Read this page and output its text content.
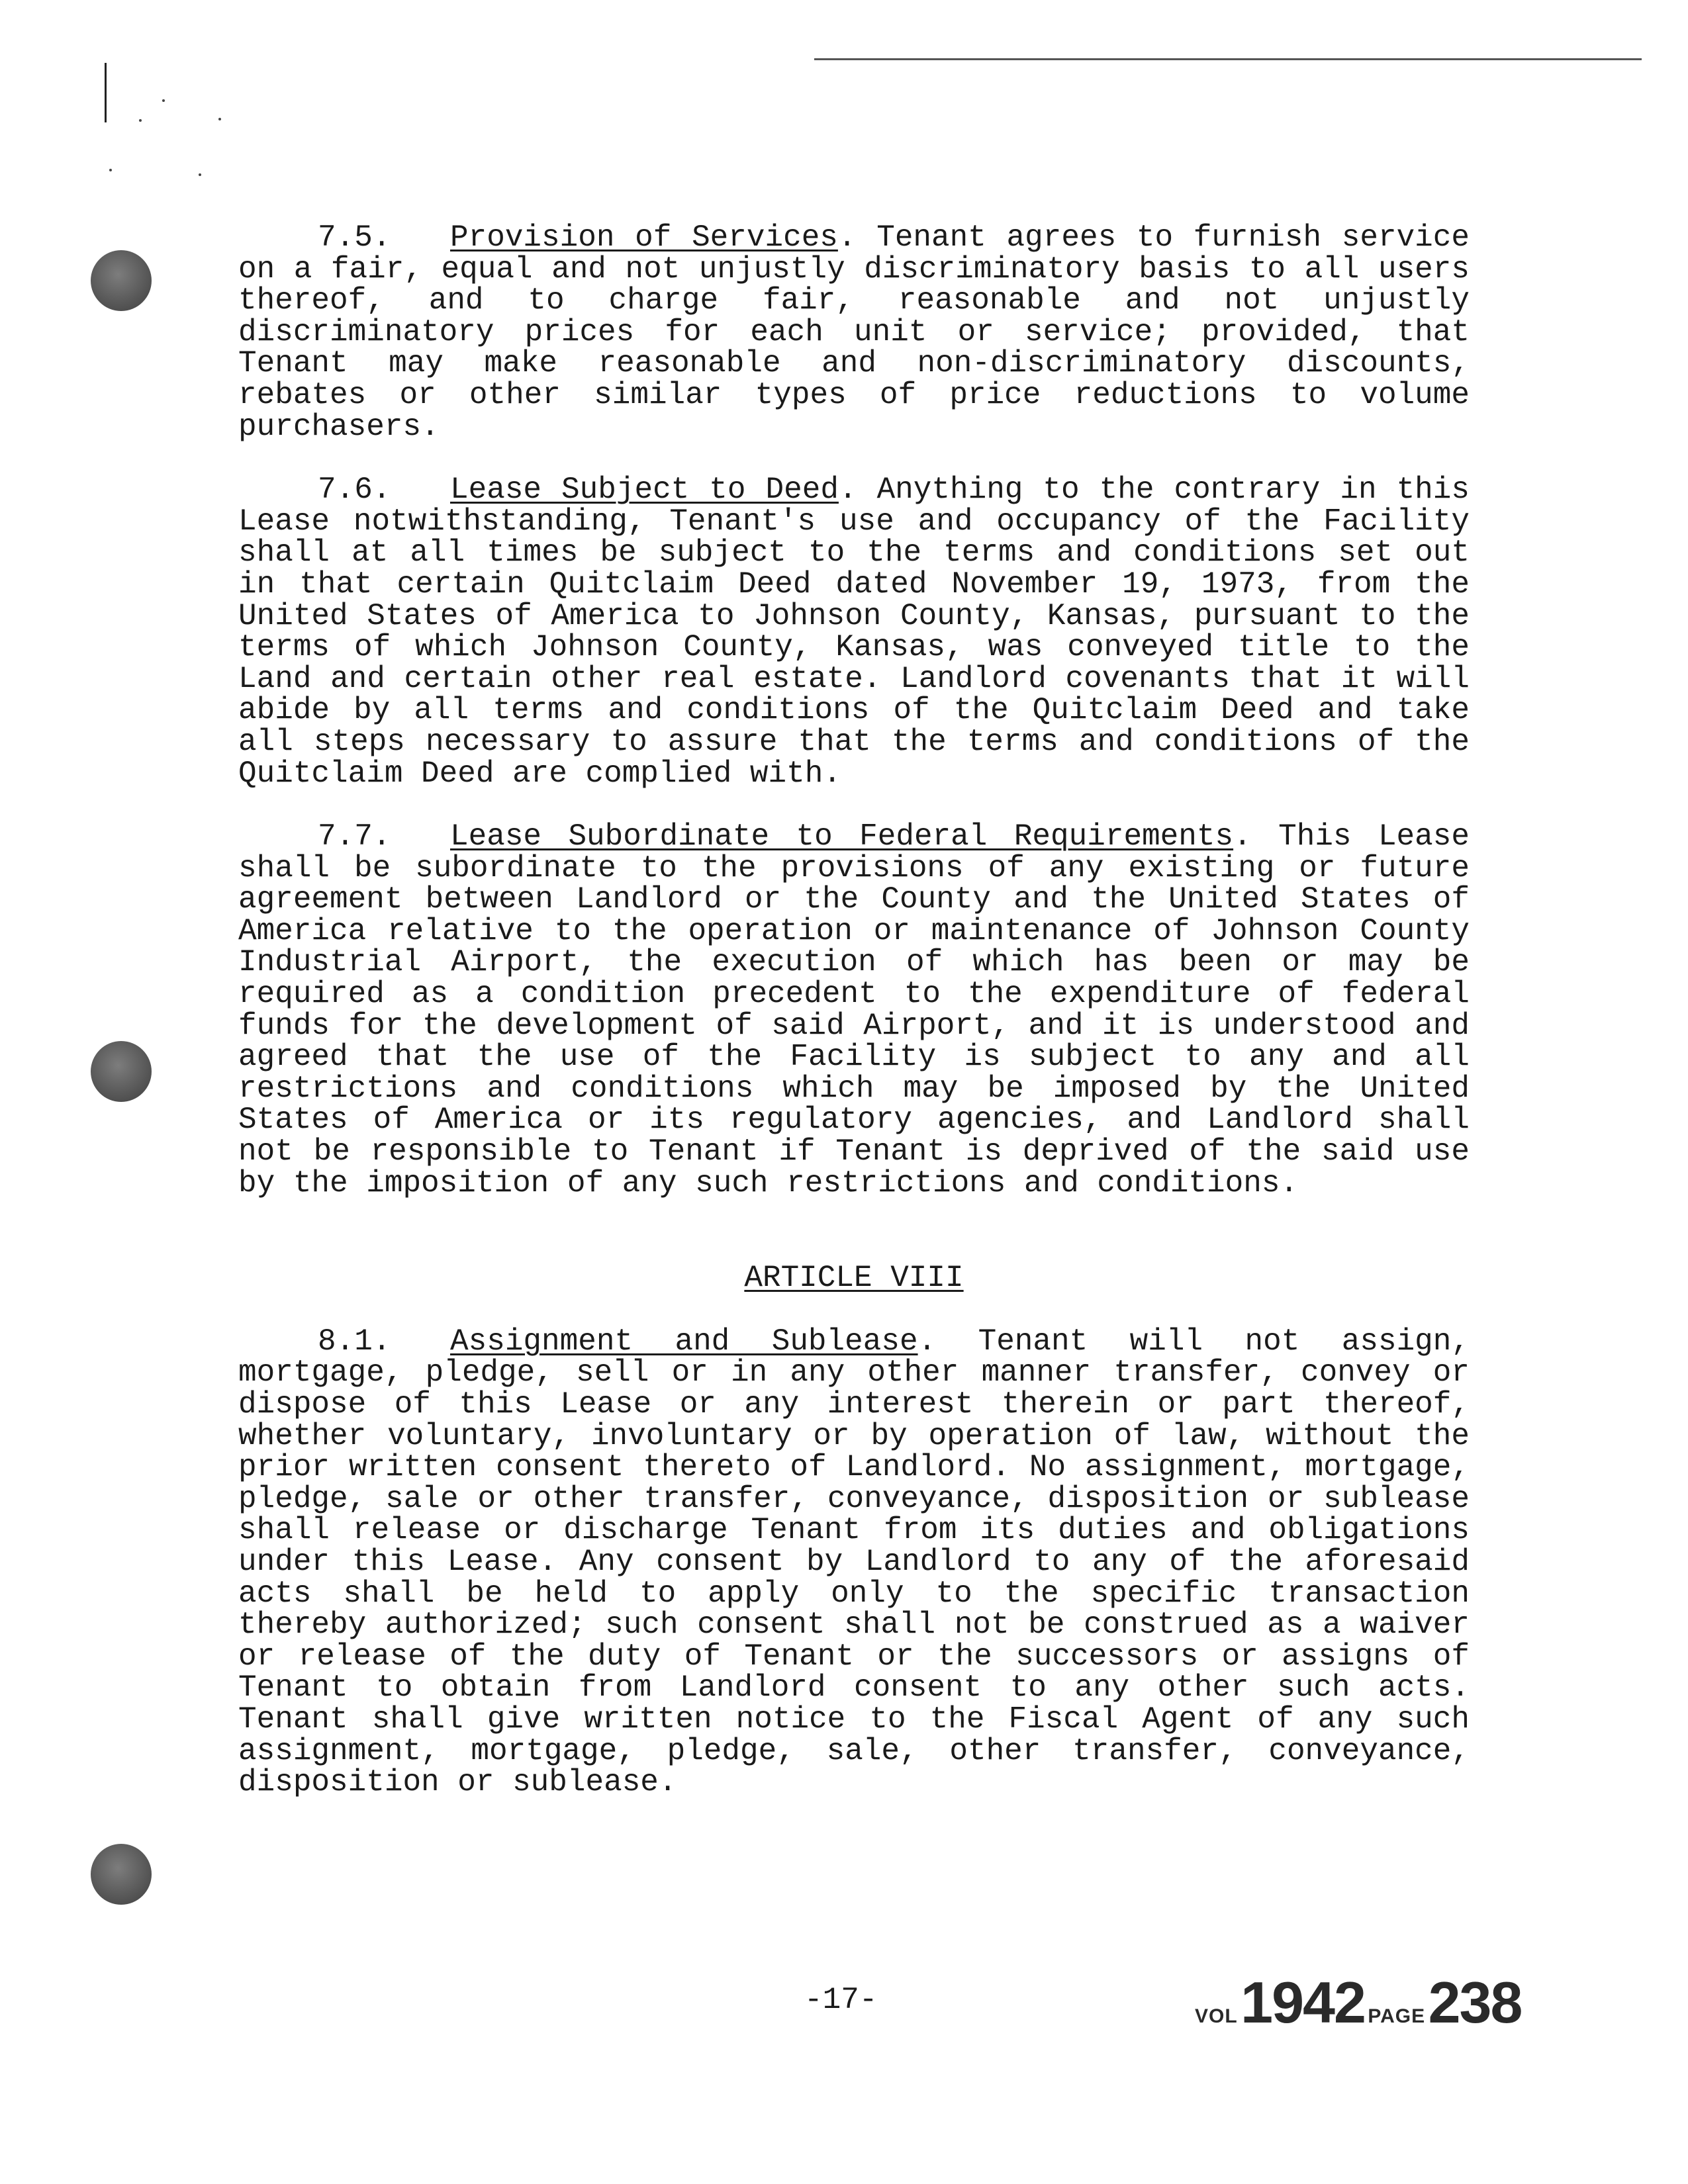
7.5. Provision of Services. Tenant agrees to furnish service on a fair, equal and not unjustly discriminatory basis to all users thereof, and to charge fair, reasonable and not unjustly discriminatory prices for each unit or service; provided, that Tenant may make reasonable and non-discriminatory discounts, rebates or other similar types of price reductions to volume purchasers.

7.6. Lease Subject to Deed. Anything to the contrary in this Lease notwithstanding, Tenant's use and occupancy of the Facility shall at all times be subject to the terms and conditions set out in that certain Quitclaim Deed dated November 19, 1973, from the United States of America to Johnson County, Kansas, pursuant to the terms of which Johnson County, Kansas, was conveyed title to the Land and certain other real estate. Landlord covenants that it will abide by all terms and conditions of the Quitclaim Deed and take all steps necessary to assure that the terms and conditions of the Quitclaim Deed are complied with.

7.7. Lease Subordinate to Federal Requirements. This Lease shall be subordinate to the provisions of any existing or future agreement between Landlord or the County and the United States of America relative to the operation or maintenance of Johnson County Industrial Airport, the execution of which has been or may be required as a condition precedent to the expenditure of federal funds for the development of said Airport, and it is understood and agreed that the use of the Facility is subject to any and all restrictions and conditions which may be imposed by the United States of America or its regulatory agencies, and Landlord shall not be responsible to Tenant if Tenant is deprived of the said use by the imposition of any such restrictions and conditions.

ARTICLE VIII

8.1. Assignment and Sublease. Tenant will not assign, mortgage, pledge, sell or in any other manner transfer, convey or dispose of this Lease or any interest therein or part thereof, whether voluntary, involuntary or by operation of law, without the prior written consent thereto of Landlord. No assignment, mortgage, pledge, sale or other transfer, conveyance, disposition or sublease shall release or discharge Tenant from its duties and obligations under this Lease. Any consent by Landlord to any of the aforesaid acts shall be held to apply only to the specific transaction thereby authorized; such consent shall not be construed as a waiver or release of the duty of Tenant or the successors or assigns of Tenant to obtain from Landlord consent to any other such acts. Tenant shall give written notice to the Fiscal Agent of any such assignment, mortgage, pledge, sale, other transfer, conveyance, disposition or sublease.

-17-	VOL 1942 PAGE 238
